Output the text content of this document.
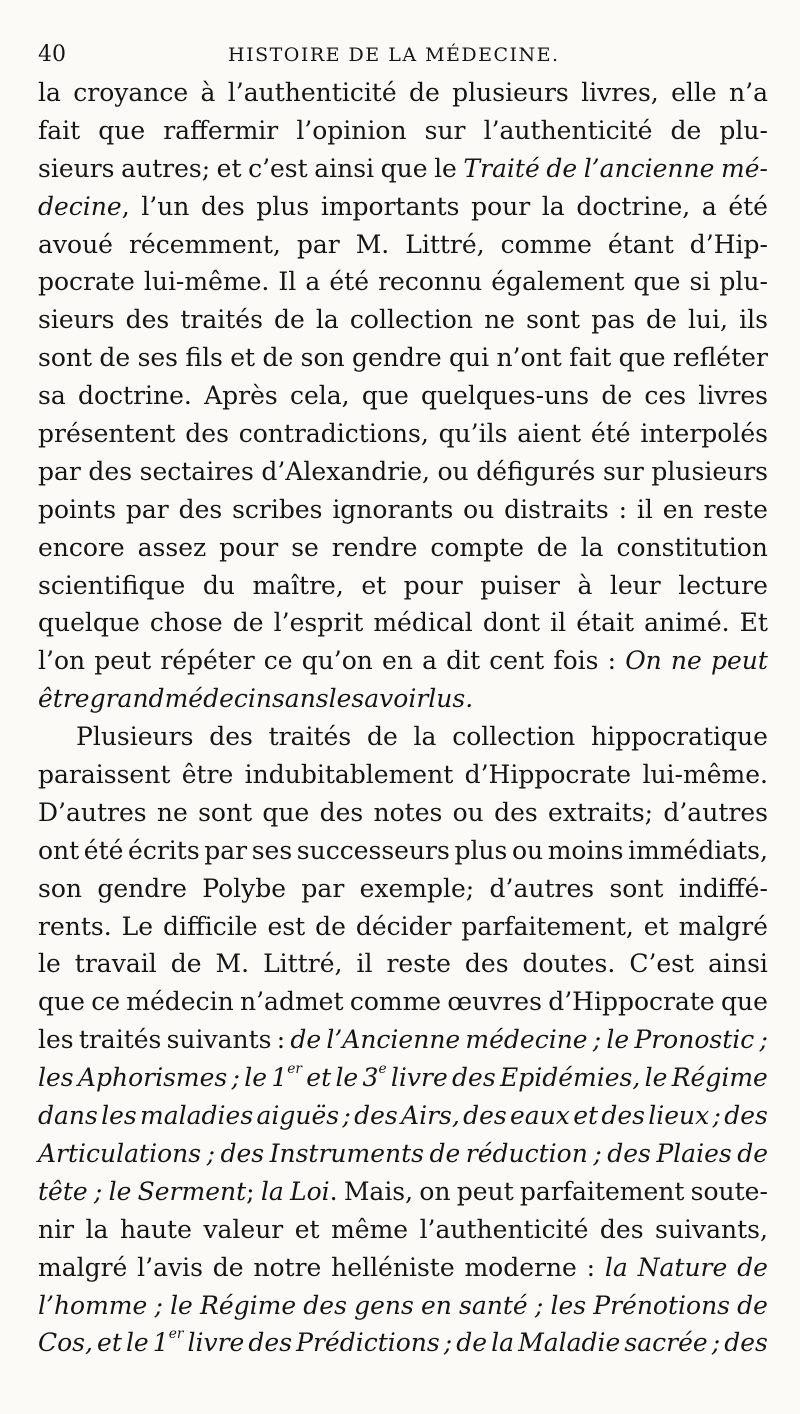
40	HISTOIRE DE LA MÉDECINE.
la croyance à l’authenticité de plusieurs livres, elle n’a
fait que raffermir l’opinion sur l’authenticité de plu-
sieurs autres; et c’est ainsi que le Traité de l’ancienne mé-
decine, l’un des plus importants pour la doctrine, a été
avoué récemment, par M. Littré, comme étant d’Hip-
pocrate lui-même. Il a été reconnu également que si plu-
sieurs des traités de la collection ne sont pas de lui, ils
sont de ses fils et de son gendre qui n’ont fait que refléter
sa doctrine. Après cela, que quelques-uns de ces livres
présentent des contradictions, qu’ils aient été interpolés
par des sectaires d’Alexandrie, ou défigurés sur plusieurs
points par des scribes ignorants ou distraits : il en reste
encore assez pour se rendre compte de la constitution
scientifique du maître, et pour puiser à leur lecture
quelque chose de l’esprit médical dont il était animé. Et
l’on peut répéter ce qu’on en a dit cent fois : On ne peut
être grand médecin sans les avoir lus.
Plusieurs des traités de la collection hippocratique
paraissent être indubitablement d’Hippocrate lui-même.
D’autres ne sont que des notes ou des extraits; d’autres
ont été écrits par ses successeurs plus ou moins immédiats,
son gendre Polybe par exemple; d’autres sont indiffé-
rents. Le difficile est de décider parfaitement, et malgré
le travail de M. Littré, il reste des doutes. C’est ainsi
que ce médecin n’admet comme œuvres d’Hippocrate que
les traités suivants : de l’Ancienne médecine ; le Pronostic ;
les Aphorismes ; le 1er et le 3e livre des Epidémies, le Régime
dans les maladies aiguës ; des Airs, des eaux et des lieux ; des
Articulations ; des Instruments de réduction ; des Plaies de
tête ; le Serment; la Loi. Mais, on peut parfaitement soute-
nir la haute valeur et même l’authenticité des suivants,
malgré l’avis de notre helléniste moderne : la Nature de
l’homme ; le Régime des gens en santé ; les Prénotions de
Cos, et le 1er livre des Prédictions ; de la Maladie sacrée ; des
